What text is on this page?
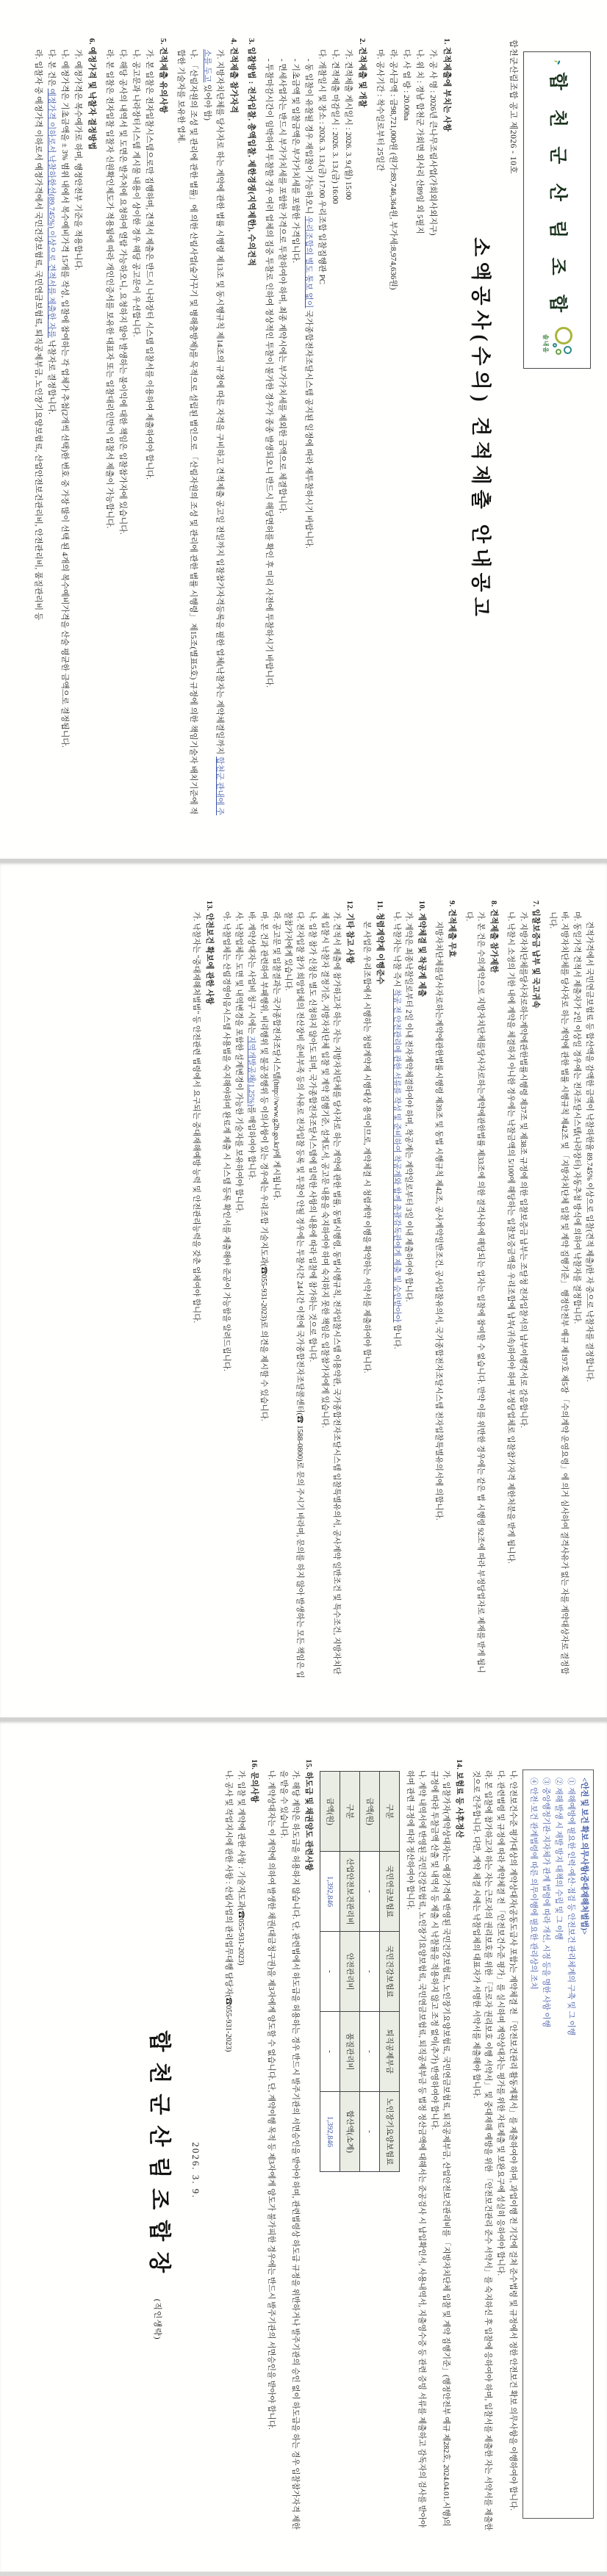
합 천 군 산 림 조 합
솔내음
합천군산림조합 공고 제2026 - 10호
소액공사(수의) 견적제출 안내공고
1. 견적제출에 부치는 사항
가. 공 사 명 : 2026년 큰나무조림사업(가회외사외지구)
나. 위 치 : 경남 합천군 가회면 외사리 산89임 외 5필지
다. 사 업 량 : 20.00ha
라. 공사금액 : 금98,721,000원 (원가:89,746,364원, 부가세:8,974,636원)
마. 공사기간 : 착수일로부터 25일간
2. 견적제출 및 개찰
가. 견적제출 게시일시 : 2026. 3. 9.(월) 15:00
나. 견적제출 마감일시 : 2026. 3. 13.(금) 16:00
다. 개찰일시 및 장소 : 2026. 3. 13.(금) 17:00 우리조합 입찰집행관 PC
- 동 입찰이 유찰될 경우 재입찰이 가능하오니 우리조합의 별도 통보 없이 국가종합전자조달시스템 공지된 일정에 따라 재투찰하시기 바랍니다.
- 기초금액 및 입찰금액은 부가가치세를 포함한 가격입니다.
- 면세사업자는 반드시 부가가치세를 포함한 가격으로 투찰하여야 하며, 최종 계약시에는 부가가치세를 제외한 금액으로 체결합니다.
- 투찰마감시간이 임박하여 투찰할 경우 여러 업체의 집중 투찰로 인하여 정상적인 투찰이 불가한 경우가 종종 발생되오니 반드시 해당면허를 확인 후 미리 사전에 투찰하시기 바랍니다.
3. 입찰방법 : 전자입찰, 총액입찰, 제한경쟁(지역제한), 수의견적
4. 견적제출 참가자격
가. 지방자치단체를 당사자로 하는 계약에 관한 법률 시행령 제13조 및 동시행규칙 제14조의 규정에 따른 자격을 구비하고 견적제출 공고일 전일까지 입찰참가자격등록을 필한 업체(낙찰자는 계약체결일까지 합천군 관내에 주소를 두고 있어야 함)
나. 「산림자원의 조성 및 관리에 관한 법률」에 의한 산림사업(숲가꾸기 및 병해충방제)를 목적으로 설립된 법인으로 「산림자원의 조성 및 관리에 관한 법률 시행령」 제15조(별표5호) 규정에 의한 책임기술자 배치기준에 적합한 기술자를 보유한 업체.
5. 견적제출 유의사항
가. 본 입찰은 전자입찰시스템으로만 집행하며, 견적서 제출은 반드시 나라장터 시스템 입찰서를 이용하여 제출하여야 합니다.
나. 공고문과 나라장터시스템 게시물 내용이 상이한 경우 해당 공고문이 우선합니다.
다. 해당 공사의 내역서 및 도면은 발주처에 요청하여 열람 가능하오니, 요청하지 않아 발생하는 불이익에 대한 책임은 입찰참가자에 있습니다.
라. 본 입찰은 전자입찰 입찰자 신원확인제도가 적용됨에 따라 개인인증서를 보유한 대표자 또는 입찰대리인만이 입찰서 제출이 가능합니다.
6. 예정가격 및 낙찰자 결정방법
가. 예정가격은 복수예가로 하며, 행정안전부 기준을 적용합니다.
나. 예정가격은 기초금액을 ± 3% 범위 내에서 복수예비가격 15개를 작성, 입찰에 참여하는 각 업체가 추첨(2개씩 선택)한 번호 중 가장 많이 선택 된 4개의 복수예비가격을 산술 평균한 금액으로 결정됩니다.
다. 본 건은 예정가격 이하로서 낙찰하한선(89.745%) 이상으로 견적서를 제출한 자를 낙찰자로 결정합니다.
라. 입찰자 중 예정가격 이하로서 예정가격에서 국민건강보험료, 국민연금보험료, 퇴직공제부금, 노인장기요양보험료, 산업안전보건관리비, 안전관리비, 품질관리비 등
견적가격에서 국민연금보험료 등 합산액을 감액한 금액이 낙찰하한율 89.745% 이상으로 입찰(견적 제출)한 자 중으로 낙찰자를 결정합니다.
마. 동일가격 견적서 제출자가 2인 이상일 경우에는 전자조달시스템(나라장터) 자동추첨 방식에 의하여 낙찰자를 결정합니다.
바. 지방자치단체를 당사자로 하는 계약에 관한 법률 시행규칙 제42조 및 「지방자치단체 입찰 및 계약 집행기준」 행정안전부 예규 제197호 제5장 「수의계약 운영요령」에 의거 심사하여 결격사유가 없는 자를 계약대상자로 결정합니다.
7. 입찰보증금 납부 및 국고귀속
가. 지방자치단체를당사자로하는계약에관한법률시행령 제37조 및 제38조 규정에 의한 입찰보증금 납부는 조달청 전자입찰서의 납부이행각서로 갈음합니다.
나. 낙찰시 소정의 기한 내에 계약을 체결하지 아니한 경우에는 낙찰금액의 5/100에 해당하는 입찰보증금액을 우리조합에 납부(귀속)하여야 하며 부정당업체로 입찰참가자격 제한처분을 받게 됩니다.
8. 견적제출 참가제한
가. 본 건은 수의계약으로 지방자치단체를당사자로하는계약에관한법률 제33조에 의한 결격사유에 해당되는 업자는 입찰에 참여할 수 없습니다. 만약 이를 위반한 경우에는 같은 법 시행령 92조에 따라 부정당업자로 제재를 받게 됩니다.
9. 견적제출 무효
지방자치단체를당사자로하는계약에관한법률시행령 제39조 및 동법 시행규칙 제42조, 공사계약일반조건, 공사입찰유의서, 국가종합전자조달시스템 전자입찰특별유의서에 의합니다.
10. 계약체결 및 착공계 제출
가. 계약은 최종낙찰일로부터 2일 이내 전자계약체결하여야 하며, 착공계는 계약일로부터 3일 이내 제출하여야 합니다.
나. 낙찰자는 낙찰 즉시 착공 전 안전관리에 관한 서류를 작성 및 준비하여 착공계와 함께 총괄감독관에게 제출 및 승인받아야 합니다.
11. 청렴계약제 이행준수
본 사업은 우리조합에서 시행하는 청렴계약제 시행대상 용역이므로, 계약체결 시 청렴계약 이행을 확약하는 서약서를 제출하여야 합니다.
12. 기타 참고 사항
가. 견적서 제출에 참가하고자 하는 자는 지방자치단체를 당사자로 하는 계약에 관한 법률, 동법시행령, 동법시행규칙, 전자입찰시스템 이용약관, 국가종합전자조달시스템 입찰특별유의서, 공사계약 일반조건 및 특수조건, 지방자치단체 입찰시 낙찰자 결정기준, 지방자치단체 입찰 및 계약 집행기준, 설계도서, 공고문 내용을 숙지하여야 하며 숙지하지 못한 책임은 입찰참가자에게 있습니다.
나. 입찰 참가 신청은 별도 신청하지 않아도 되며, 국가종합전자조달시스템에 입력한 사항의 내용에 따라 입찰에 참가하는 것으로 합니다.
다. 전자입찰 참가 희망업체의 전산장비 준비부족 등의 사유로 전자입찰 등록 및 투찰이 안될 경우에는 투찰시간 24시간 이전에 국가종합전자조달콜센터(☎ 1588-0800)로 문의 주시기 바라며, 문의를 하지 않아 발생하는 모든 책임은 입찰참가자에게 있습니다.
라. 공고문 및 입찰결과는 국가종합전자조달시스템(http://www.g2b.go.kr)에 게시됩니다.
마. 본 건과 관련하여 부패행위, 비리행위 및 불공정행위 등 이의사항이 있는 경우에는 우리조합 기술지도과(☎055-931-2023)로 의견을 제시할 수 있습니다.
바. 계약상대자는 사업비 청구 시에는 지역개발공채(1.25%)를 매입하여야 합니다.
사. 낙찰업체는 도면 및 내역변경을 포함한 설계변경이 가능한 기술자를 보유하여야 합니다.
아. 낙찰업체는 산림경영이음시스템 사용법을 숙지해야하며 완료계 제출 시 시스템 등록 확인서를 제출해야 준공이 가능함을 알려드립니다.
13. 안전보건 확보에 관한 사항
가. 낙찰자는 "중대재해처벌법" 등 안전관련 법령에서 요구되는 중대재해예방 능력 및 안전관리능력을 갖춘 업체여야 합니다.
<안전 및 보건 확보 의무사항(중대재해처벌법)>
① 재해예방에 필요한 인력·예산·점검 등 안전보건 관리체계의 구축 및 그 이행
② 재해 발생 시 재발 방지 대책의 수립 및 그 이행
③ 중앙행정기관·지자체가 관계 법령에 따라 개선, 시정 등을 명한 사항 이행
④ 안전·보건 관계법령에 따른 의무이행에 필요한 관리상의 조치
나. 안전보건수준 평가대상의 계약상대자(공동도급사 포함)는 계약체결 전 「안전보건관리 활동계획서」를 제출하여야 하며, 과업이행 전 기간에 걸쳐 준수법령 및 규정에서 정한 안전보건 확보 의무사항을 이행하여야 합니다.
다. 관련법령 및 규정에 따라 계약체결 전 「안전보건수준 평가」를 실시하며 계약상대자는 평가를 위한 자료제출 및 보완요구에 성실히 응하여야 합니다.
라. 본 입찰에 참가하고자 하는 자는 근로자의 권리보호를 위한 「근로자 권리보호 이행 서약서」 및 중대재해 예방을 위한 「안전보건관리 준수 서약서」를 숙지하신 후 입찰에 응하여야 하며, 입찰서를 제출한 자는 서약서를 제출한 것으로 간주합니다. 다만, 계약 체결 시에는 낙찰업체의 대표자가 서명한 서약서를 제출해야 합니다.
14. 보험료 등 사후정산
가. 입찰가자(계약상대자)는 예정가격에 반영된 국민건강보험료, 노인장기요양보험료, 국민연금보험료, 퇴직공제부금, 산업안전보건관리비를 「지방자치단체 입찰 및 계약 집행기준」(행정안전부 예규 제282호, 2024.04.01.시행)의 규정에 따라 투찰금액 산출 및 내역서 등 제출 시 낙찰률을 적용하지 않고 조정 없이(추가) 반영하여야 합니다.
나. 계약 내역서에 반영된 국민건강보험료, 노인장기요양보험료, 국민연금보험료, 퇴직공제부금 등 법정 정산금액에 대해서는 준공검사 시 납입확인서, 사용내역서, 지출영수증 등 관련 증빙 서류를 제출하고 감독자의 검사를 받아야 하며 관련 규정에 따라 정산하여야 합니다.
구분	국민연금보험료	국민건강보험료	퇴직공제부금	노인장기요양보험료
금액(원)	-	-	-	-
구분	산업안전보건관리비	안전관리비	품질관리비	합산액(소계)
금액(원)	1,392,846	-	-	1,392,846
15. 하도급 및 채권양도 관련사항
가. 해당 계약은 하도급을 허용하지 않습니다. 단, 관련법에서 하도급을 허용하는 경우 반드시 발주기관의 서면승인을 받아야 하며, 관련법령상 하도급 규정을 위반하거나 발주기관의 승인 없이 하도급을 하는 경우 입찰참가자격 제한을 받을 수 있습니다.
나. 계약상대자는 이 계약에 의하여 발생한 채권(대금청구권)을 제3자에게 양도할 수 없습니다. 단, 계약이행 목적 등 제3자에게 양도가 불가피한 경우에는 반드시 발주기관의 서면승인을 받아야 합니다.
16. 문의사항
가. 입찰 및 계약에 관한 사항 : 기술지도과(☎055-931-2023)
나. 공사 및 작업지시에 관한 사항 : 산림사업의 관리업무대행 담당자(☎055-931-2023)
2026. 3. 9.
합천군산림조합장 (직인생략)
